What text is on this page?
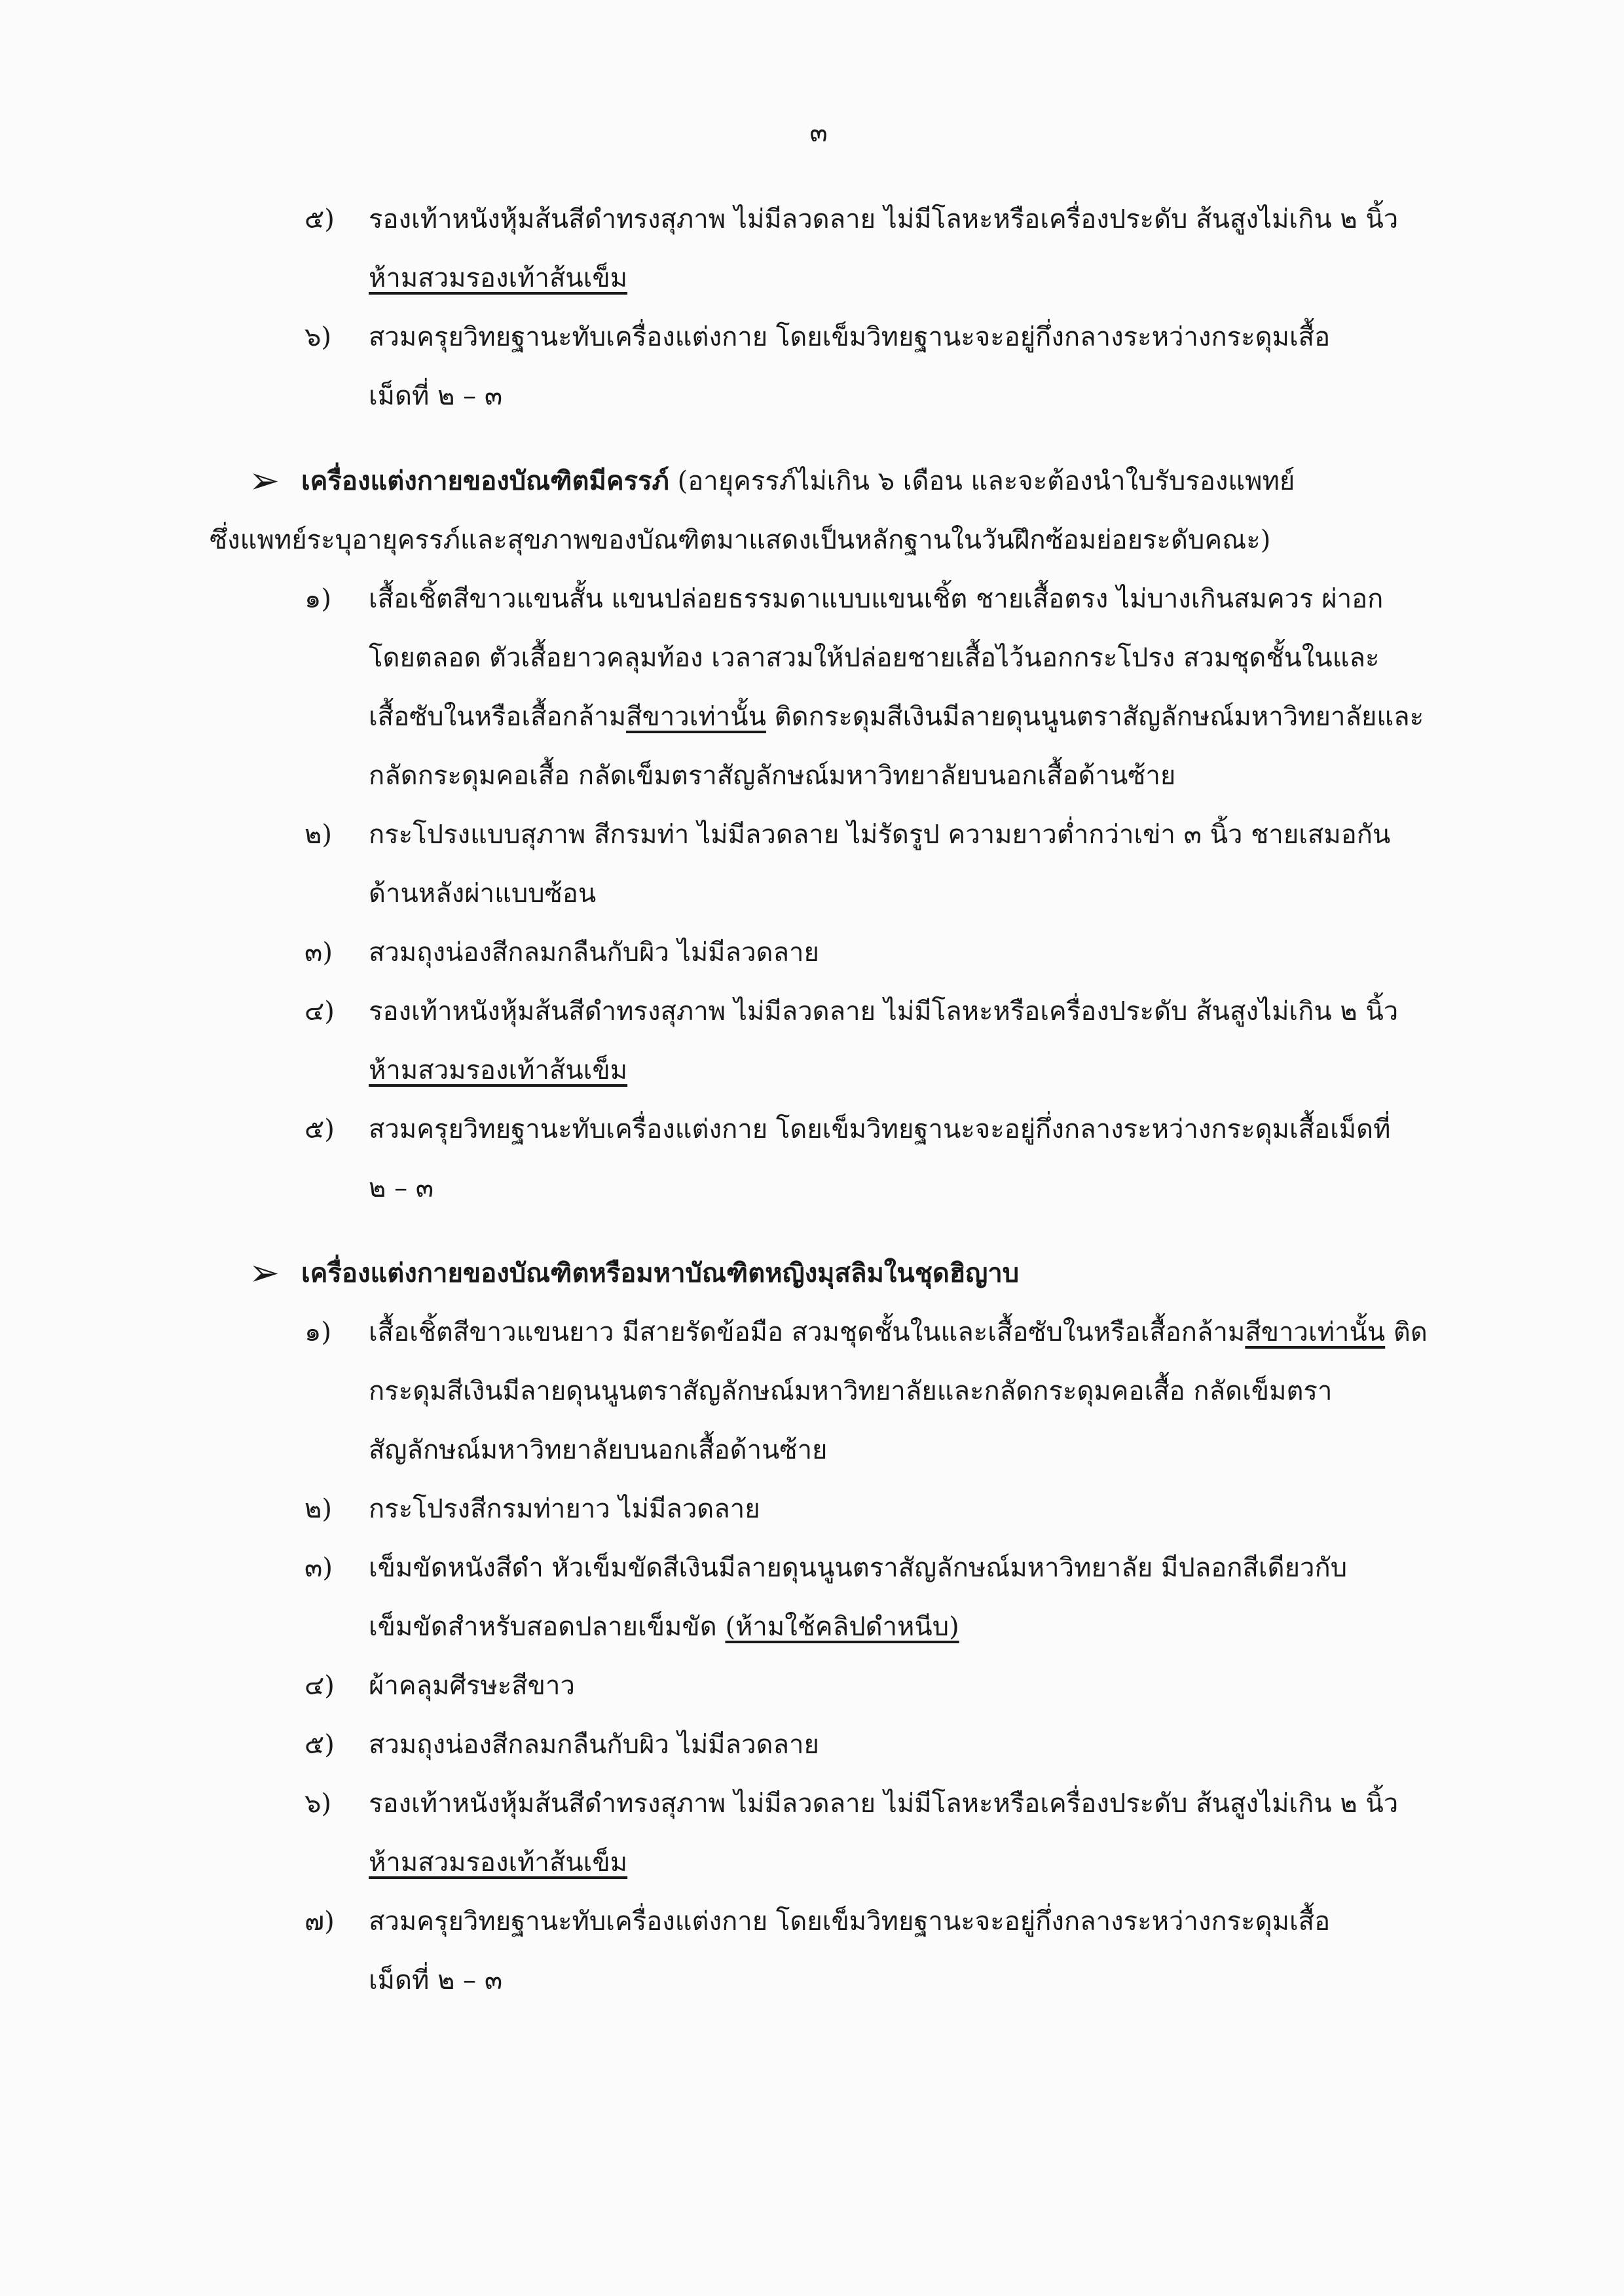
๓
๕) รองเท้าหนังหุ้มส้นสีดำทรงสุภาพ ไม่มีลวดลาย ไม่มีโลหะหรือเครื่องประดับ ส้นสูงไม่เกิน ๒ นิ้ว
ห้ามสวมรองเท้าส้นเข็ม
๖) สวมครุยวิทยฐานะทับเครื่องแต่งกาย โดยเข็มวิทยฐานะจะอยู่กึ่งกลางระหว่างกระดุมเสื้อ
เม็ดที่ ๒ – ๓
➢ เครื่องแต่งกายของบัณฑิตมีครรภ์ (อายุครรภ์ไม่เกิน ๖ เดือน และจะต้องนำใบรับรองแพทย์
ซึ่งแพทย์ระบุอายุครรภ์และสุขภาพของบัณฑิตมาแสดงเป็นหลักฐานในวันฝึกซ้อมย่อยระดับคณะ)
๑) เสื้อเชิ้ตสีขาวแขนสั้น แขนปล่อยธรรมดาแบบแขนเชิ้ต ชายเสื้อตรง ไม่บางเกินสมควร ผ่าอก
โดยตลอด ตัวเสื้อยาวคลุมท้อง เวลาสวมให้ปล่อยชายเสื้อไว้นอกกระโปรง สวมชุดชั้นในและ
เสื้อซับในหรือเสื้อกล้ามสีขาวเท่านั้น ติดกระดุมสีเงินมีลายดุนนูนตราสัญลักษณ์มหาวิทยาลัยและ
กลัดกระดุมคอเสื้อ กลัดเข็มตราสัญลักษณ์มหาวิทยาลัยบนอกเสื้อด้านซ้าย
๒) กระโปรงแบบสุภาพ สีกรมท่า ไม่มีลวดลาย ไม่รัดรูป ความยาวต่ำกว่าเข่า ๓ นิ้ว ชายเสมอกัน
ด้านหลังผ่าแบบซ้อน
๓) สวมถุงน่องสีกลมกลืนกับผิว ไม่มีลวดลาย
๔) รองเท้าหนังหุ้มส้นสีดำทรงสุภาพ ไม่มีลวดลาย ไม่มีโลหะหรือเครื่องประดับ ส้นสูงไม่เกิน ๒ นิ้ว
ห้ามสวมรองเท้าส้นเข็ม
๕) สวมครุยวิทยฐานะทับเครื่องแต่งกาย โดยเข็มวิทยฐานะจะอยู่กึ่งกลางระหว่างกระดุมเสื้อเม็ดที่
๒ – ๓
➢ เครื่องแต่งกายของบัณฑิตหรือมหาบัณฑิตหญิงมุสลิมในชุดฮิญาบ
๑) เสื้อเชิ้ตสีขาวแขนยาว มีสายรัดข้อมือ สวมชุดชั้นในและเสื้อซับในหรือเสื้อกล้ามสีขาวเท่านั้น ติด
กระดุมสีเงินมีลายดุนนูนตราสัญลักษณ์มหาวิทยาลัยและกลัดกระดุมคอเสื้อ กลัดเข็มตรา
สัญลักษณ์มหาวิทยาลัยบนอกเสื้อด้านซ้าย
๒) กระโปรงสีกรมท่ายาว ไม่มีลวดลาย
๓) เข็มขัดหนังสีดำ หัวเข็มขัดสีเงินมีลายดุนนูนตราสัญลักษณ์มหาวิทยาลัย มีปลอกสีเดียวกับ
เข็มขัดสำหรับสอดปลายเข็มขัด (ห้ามใช้คลิปดำหนีบ)
๔) ผ้าคลุมศีรษะสีขาว
๕) สวมถุงน่องสีกลมกลืนกับผิว ไม่มีลวดลาย
๖) รองเท้าหนังหุ้มส้นสีดำทรงสุภาพ ไม่มีลวดลาย ไม่มีโลหะหรือเครื่องประดับ ส้นสูงไม่เกิน ๒ นิ้ว
ห้ามสวมรองเท้าส้นเข็ม
๗) สวมครุยวิทยฐานะทับเครื่องแต่งกาย โดยเข็มวิทยฐานะจะอยู่กึ่งกลางระหว่างกระดุมเสื้อ
เม็ดที่ ๒ – ๓
